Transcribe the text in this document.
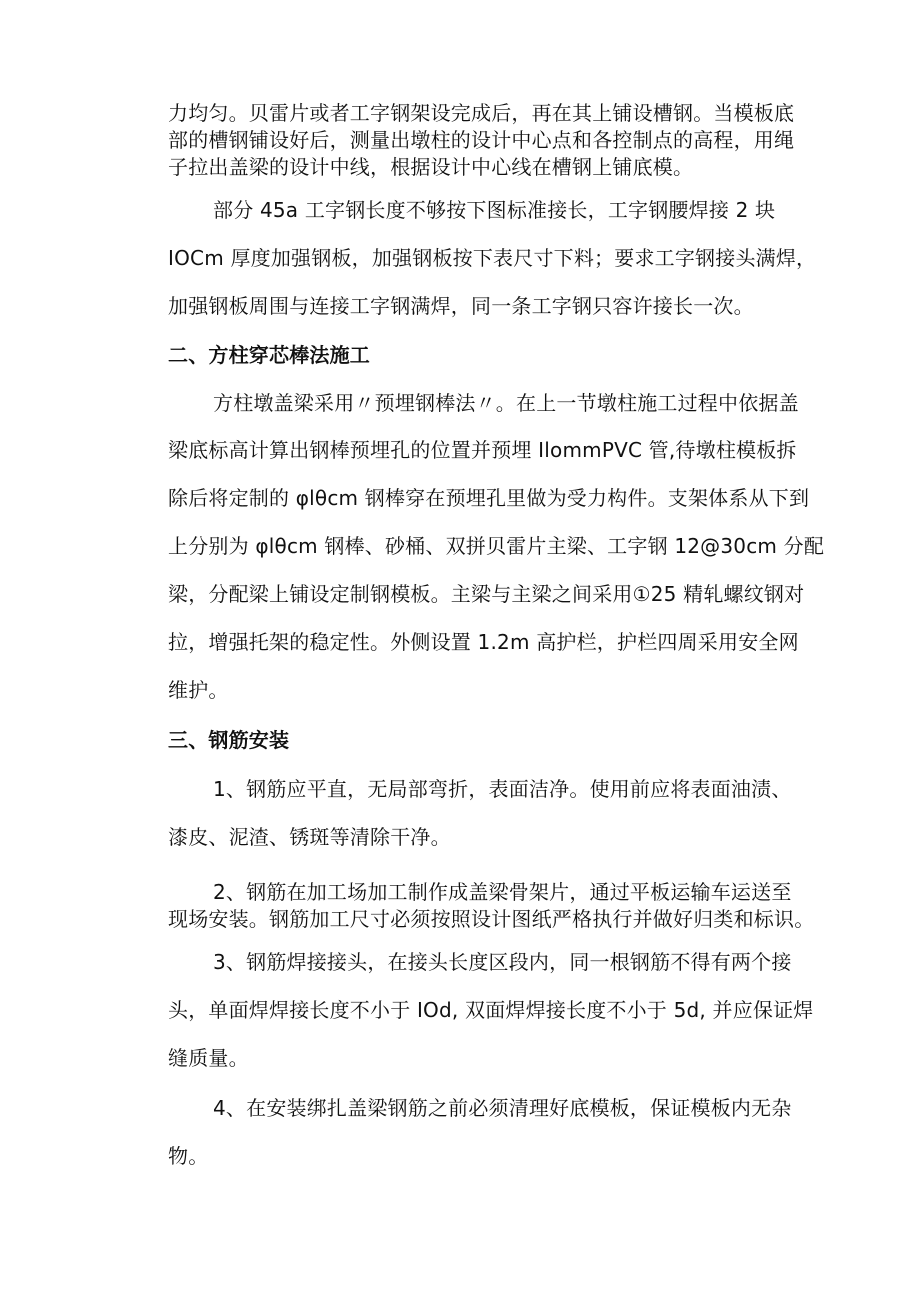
力均匀。贝雷片或者工字钢架设完成后，再在其上铺设槽钢。当模板底
部的槽钢铺设好后，测量出墩柱的设计中心点和各控制点的高程，用绳
子拉出盖梁的设计中线，根据设计中心线在槽钢上铺底模。
部分 45a 工字钢长度不够按下图标准接长，工字钢腰焊接 2 块
IOCm 厚度加强钢板，加强钢板按下表尺寸下料；要求工字钢接头满焊，
加强钢板周围与连接工字钢满焊，同一条工字钢只容许接长一次。
二、方柱穿芯棒法施工
方柱墩盖梁采用〃预埋钢棒法〃。在上一节墩柱施工过程中依据盖
梁底标高计算出钢棒预埋孔的位置并预埋 IlommPVC 管,待墩柱模板拆
除后将定制的 φlθcm 钢棒穿在预埋孔里做为受力构件。支架体系从下到
上分别为 φlθcm 钢棒、砂桶、双拼贝雷片主梁、工字钢 12@30cm 分配
梁，分配梁上铺设定制钢模板。主梁与主梁之间采用①25 精轧螺纹钢对
拉，增强托架的稳定性。外侧设置 1.2m 高护栏，护栏四周采用安全网
维护。
三、钢筋安装
1、钢筋应平直，无局部弯折，表面洁净。使用前应将表面油渍、
漆皮、泥渣、锈斑等清除干净。
2、钢筋在加工场加工制作成盖梁骨架片，通过平板运输车运送至
现场安装。钢筋加工尺寸必须按照设计图纸严格执行并做好归类和标识。
3、钢筋焊接接头，在接头长度区段内，同一根钢筋不得有两个接
头，单面焊焊接长度不小于 IOd, 双面焊焊接长度不小于 5d, 并应保证焊
缝质量。
4、在安装绑扎盖梁钢筋之前必须清理好底模板，保证模板内无杂
物。
